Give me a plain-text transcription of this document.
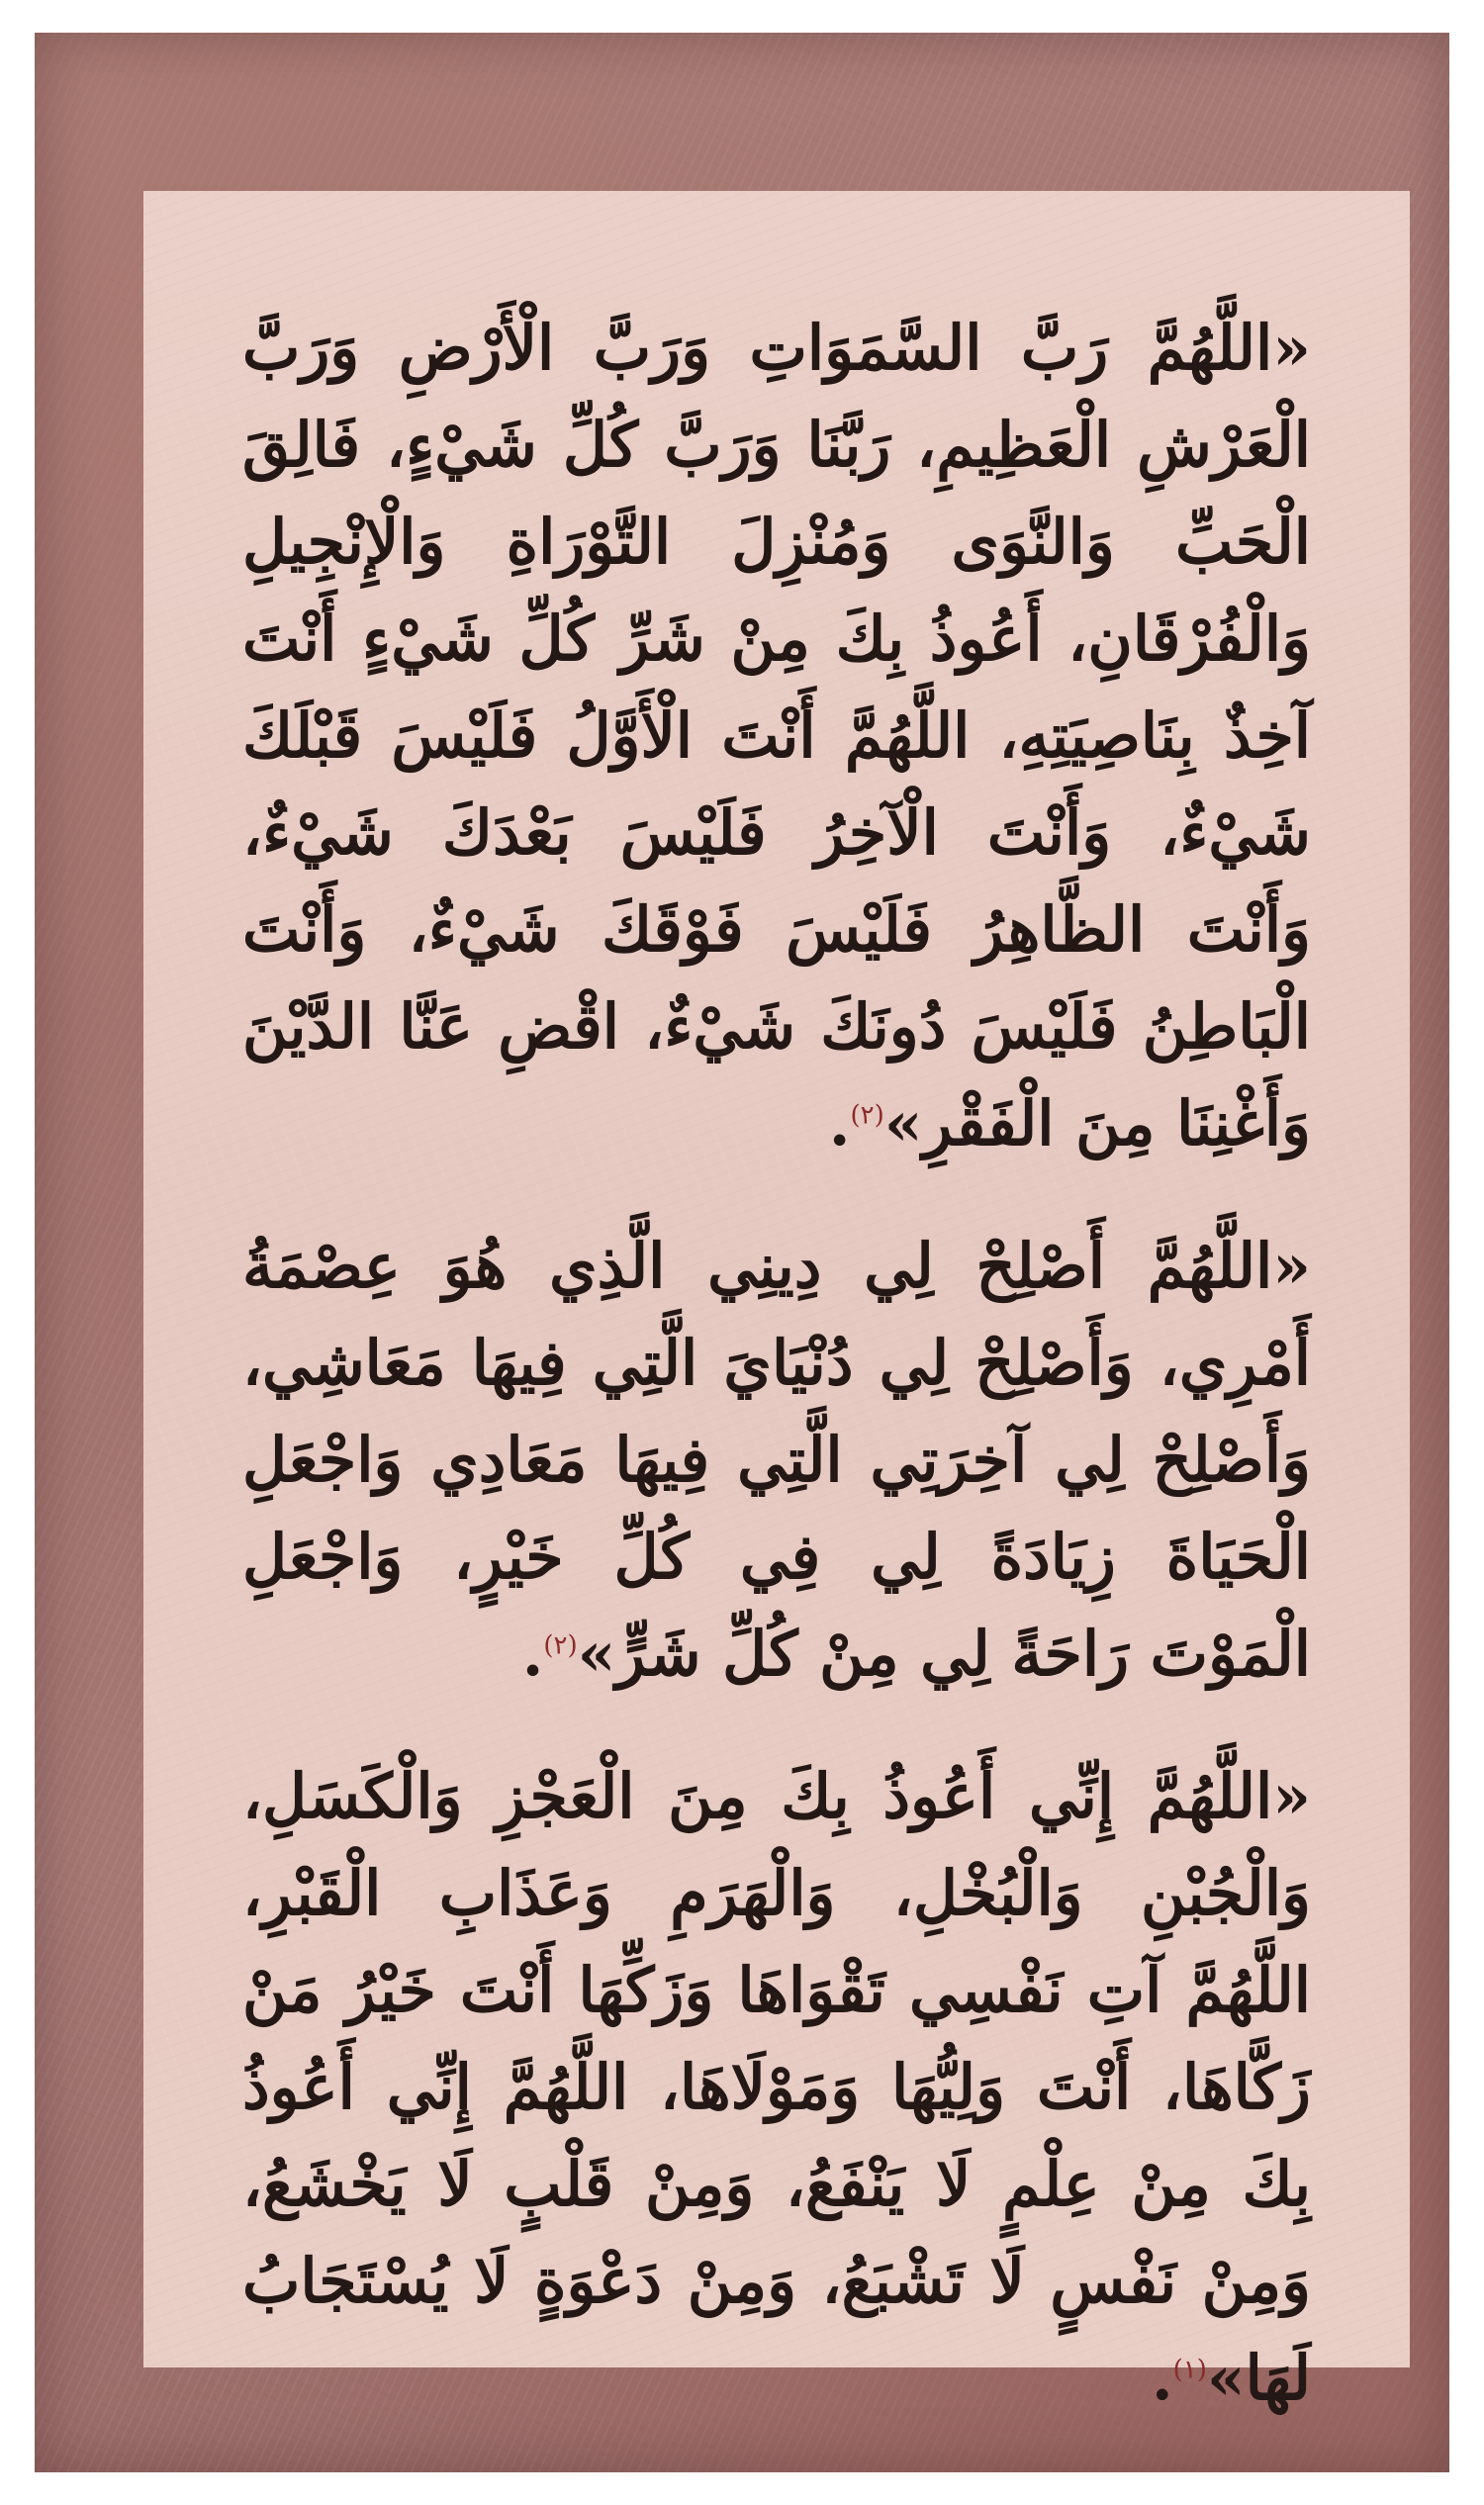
«اللَّهُمَّ رَبَّ السَّمَوَاتِ وَرَبَّ الْأَرْضِ وَرَبَّ الْعَرْشِ الْعَظِيمِ، رَبَّنَا وَرَبَّ كُلِّ شَيْءٍ، فَالِقَ الْحَبِّ وَالنَّوَى وَمُنْزِلَ التَّوْرَاةِ وَالْإِنْجِيلِ وَالْفُرْقَانِ، أَعُوذُ بِكَ مِنْ شَرِّ كُلِّ شَيْءٍ أَنْتَ آخِذٌ بِنَاصِيَتِهِ، اللَّهُمَّ أَنْتَ الْأَوَّلُ فَلَيْسَ قَبْلَكَ شَيْءٌ، وَأَنْتَ الْآخِرُ فَلَيْسَ بَعْدَكَ شَيْءٌ، وَأَنْتَ الظَّاهِرُ فَلَيْسَ فَوْقَكَ شَيْءٌ، وَأَنْتَ الْبَاطِنُ فَلَيْسَ دُونَكَ شَيْءٌ، اقْضِ عَنَّا الدَّيْنَ وَأَغْنِنَا مِنَ الْفَقْرِ»$^{(٢)}$.

«اللَّهُمَّ أَصْلِحْ لِي دِينِي الَّذِي هُوَ عِصْمَةُ أَمْرِي، وَأَصْلِحْ لِي دُنْيَايَ الَّتِي فِيهَا مَعَاشِي، وَأَصْلِحْ لِي آخِرَتِي الَّتِي فِيهَا مَعَادِي وَاجْعَلِ الْحَيَاةَ زِيَادَةً لِي فِي كُلِّ خَيْرٍ، وَاجْعَلِ الْمَوْتَ رَاحَةً لِي مِنْ كُلِّ شَرٍّ»$^{(٢)}$.

«اللَّهُمَّ إِنِّي أَعُوذُ بِكَ مِنَ الْعَجْزِ وَالْكَسَلِ، وَالْجُبْنِ وَالْبُخْلِ، وَالْهَرَمِ وَعَذَابِ الْقَبْرِ، اللَّهُمَّ آتِ نَفْسِي تَقْوَاهَا وَزَكِّهَا أَنْتَ خَيْرُ مَنْ زَكَّاهَا، أَنْتَ وَلِيُّهَا وَمَوْلَاهَا، اللَّهُمَّ إِنِّي أَعُوذُ بِكَ مِنْ عِلْمٍ لَا يَنْفَعُ، وَمِنْ قَلْبٍ لَا يَخْشَعُ، وَمِنْ نَفْسٍ لَا تَشْبَعُ، وَمِنْ دَعْوَةٍ لَا يُسْتَجَابُ لَهَا»$^{(١)}$.
